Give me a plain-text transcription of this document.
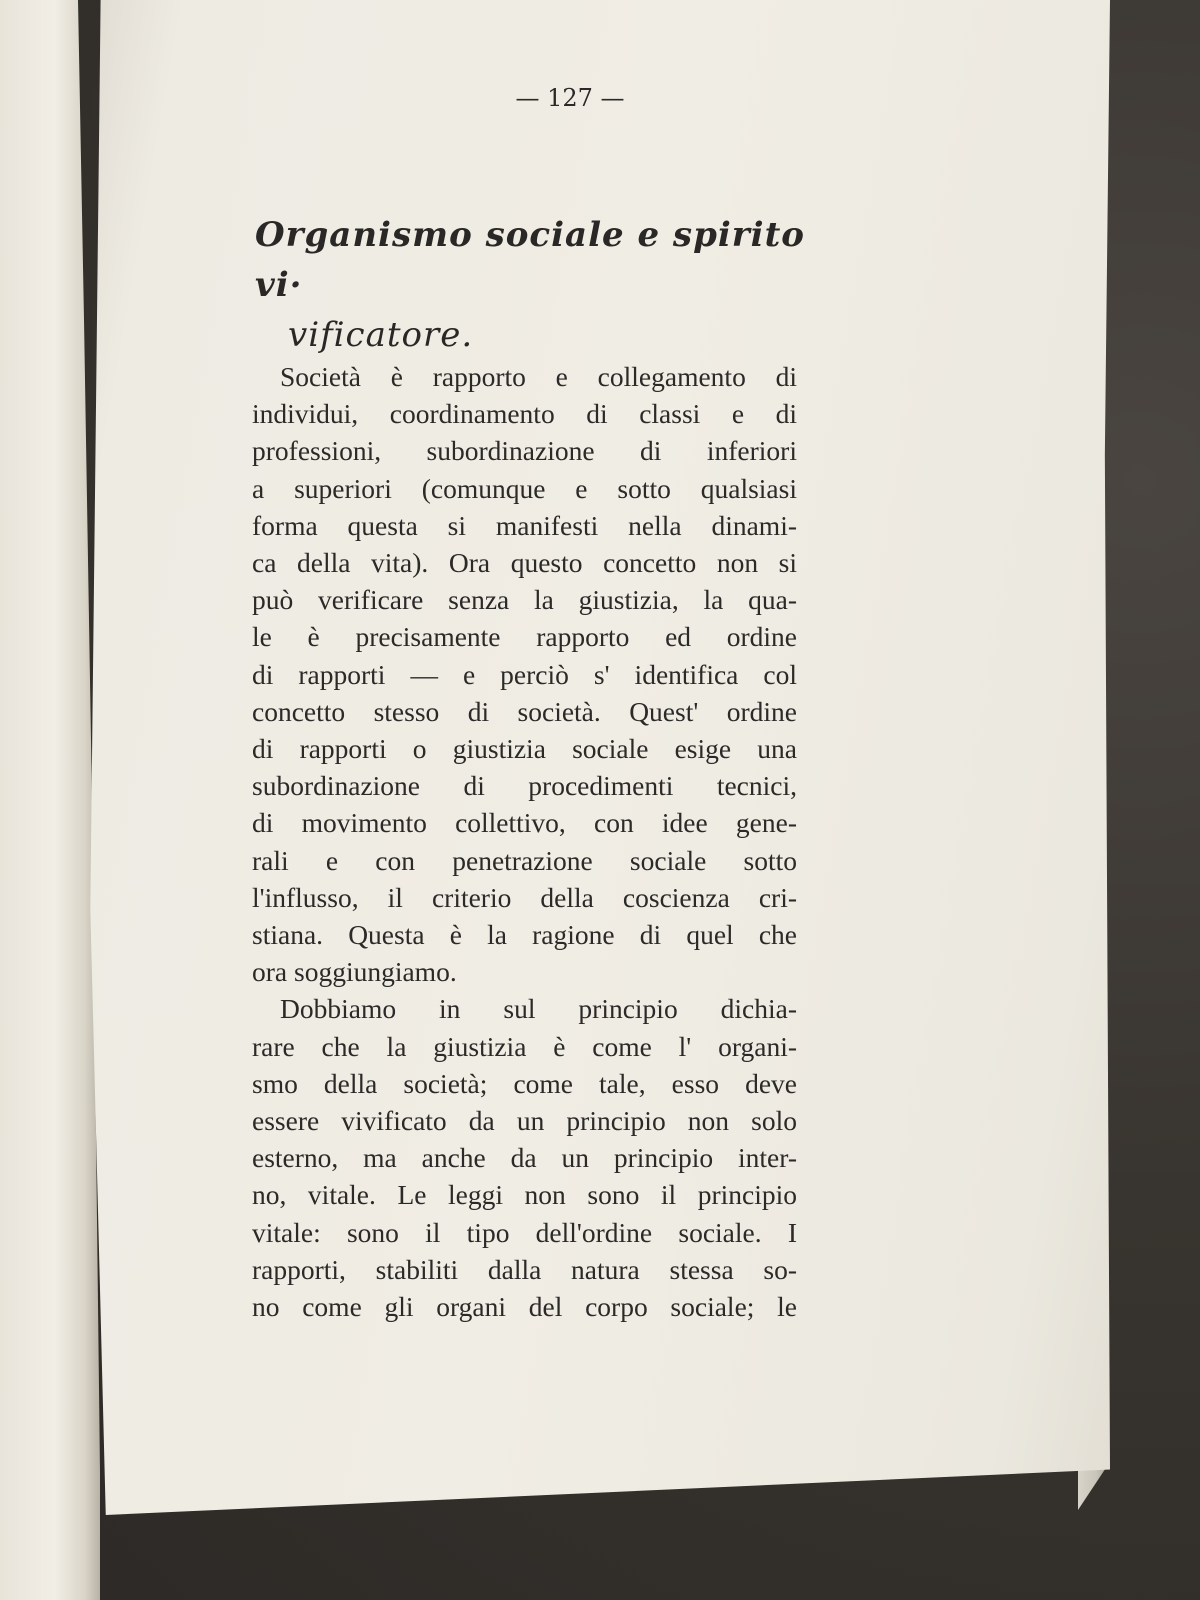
— 127 —
Organismo sociale e spirito vi·
vificatore.
Società è rapporto e collegamento di
individui, coordinamento di classi e di
professioni, subordinazione di inferiori
a superiori (comunque e sotto qualsiasi
forma questa si manifesti nella dinami-
ca della vita). Ora questo concetto non si
può verificare senza la giustizia, la qua-
le è precisamente rapporto ed ordine
di rapporti — e perciò s' identifica col
concetto stesso di società. Quest' ordine
di rapporti o giustizia sociale esige una
subordinazione di procedimenti tecnici,
di movimento collettivo, con idee gene-
rali e con penetrazione sociale sotto
l'influsso, il criterio della coscienza cri-
stiana. Questa è la ragione di quel che
ora soggiungiamo.
Dobbiamo in sul principio dichia-
rare che la giustizia è come l' organi-
smo della società; come tale, esso deve
essere vivificato da un principio non solo
esterno, ma anche da un principio inter-
no, vitale. Le leggi non sono il principio
vitale: sono il tipo dell'ordine sociale. I
rapporti, stabiliti dalla natura stessa so-
no come gli organi del corpo sociale; le
